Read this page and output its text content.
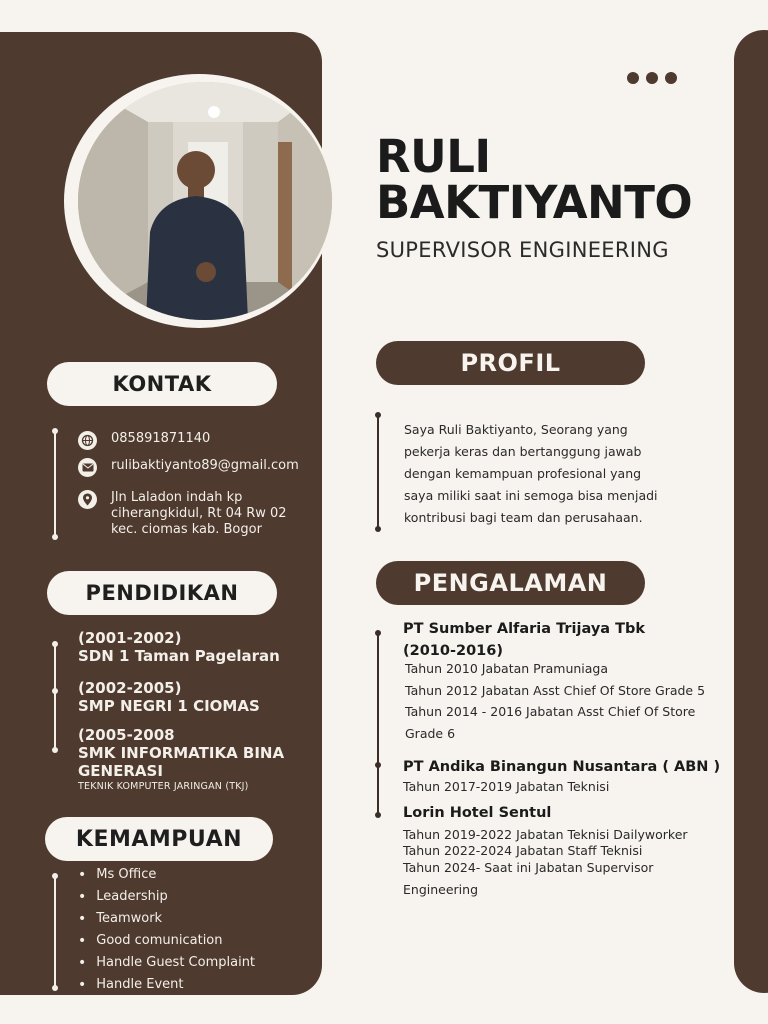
RULI
BAKTIYANTO
SUPERVISOR ENGINEERING
KONTAK
085891871140
rulibaktiyanto89@gmail.com
Jln Laladon indah kp
ciherangkidul, Rt 04 Rw 02
kec. ciomas kab. Bogor
PENDIDIKAN
(2001-2002)
SDN 1 Taman Pagelaran
(2002-2005)
SMP NEGRI 1 CIOMAS
(2005-2008
SMK INFORMATIKA BINA
GENERASI
TEKNIK KOMPUTER JARINGAN (TKJ)
KEMAMPUAN
• Ms Office
• Leadership
• Teamwork
• Good comunication
• Handle Guest Complaint
• Handle Event
PROFIL
Saya Ruli Baktiyanto, Seorang yang
pekerja keras dan bertanggung jawab
dengan kemampuan profesional yang
saya miliki saat ini semoga bisa menjadi
kontribusi bagi team dan perusahaan.
PENGALAMAN
PT Sumber Alfaria Trijaya Tbk
(2010-2016)
Tahun 2010 Jabatan Pramuniaga
Tahun 2012 Jabatan Asst Chief Of Store Grade 5
Tahun 2014 - 2016 Jabatan Asst Chief Of Store
Grade 6
PT Andika Binangun Nusantara ( ABN )
Tahun 2017-2019 Jabatan Teknisi
Lorin Hotel Sentul
Tahun 2019-2022 Jabatan Teknisi Dailyworker
Tahun 2022-2024 Jabatan Staff Teknisi
Tahun 2024- Saat ini Jabatan Supervisor
Engineering
